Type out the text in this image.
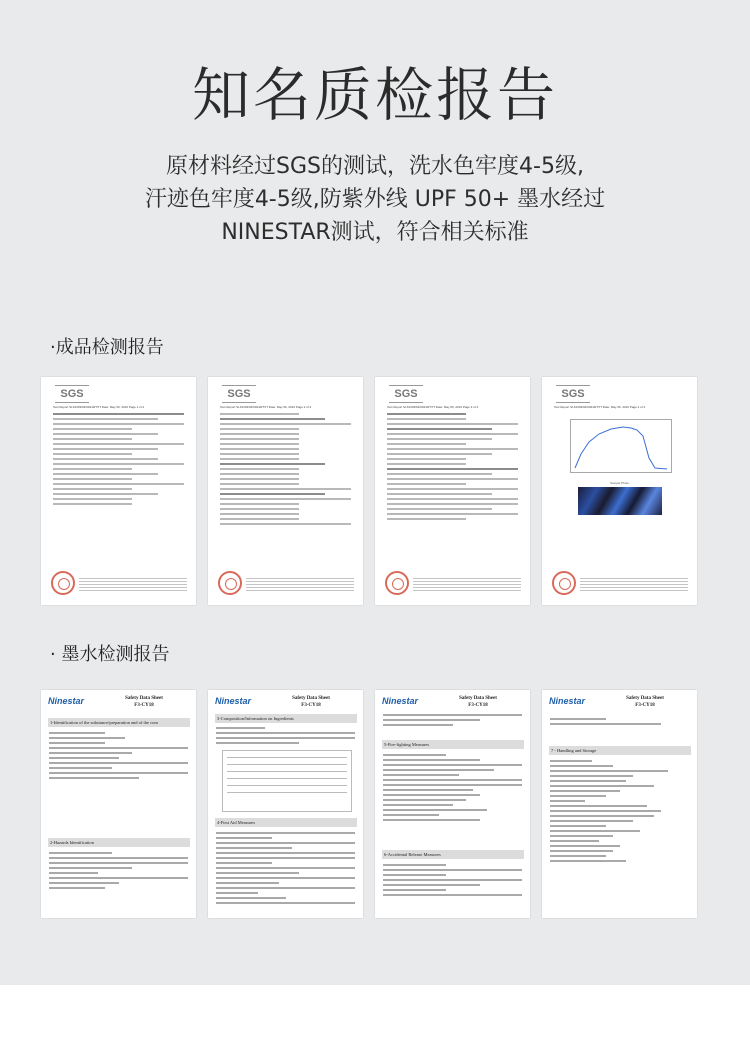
知名质检报告
原材料经过SGS的测试，洗水色牢度4-5级,
汗迹色牢度4-5级,防紫外线 UPF 50+ 墨水经过
NINESTAR测试，符合相关标准
·成品检测报告
SGS
Test Report SL61303/02/00449/TXT Date: May 06, 2016 Page 1 of 4
SGS
Test Report SL61303/02/00449/TXT Date: May 06, 2016 Page 2 of 4
SGS
Test Report SL61303/02/00449/TXT Date: May 06, 2016 Page 3 of 4
SGS
Test Report SL61303/02/00449/TXT Date: May 06, 2016 Page 4 of 4
Sample Photo
· 墨水检测报告
Ninestar	Safety Data Sheet
F3-CY18
1-Identification of the substance/preparation and of the com
2-Hazards Identification
Ninestar	Safety Data Sheet
F3-CY18
3-Composition/Information on Ingredients
4-First Aid Measures
Ninestar	Safety Data Sheet
F3-CY18
5-Fire-fighting Measures
6-Accidental Release Measures
Ninestar	Safety Data Sheet
F3-CY18
7 - Handling and Storage
